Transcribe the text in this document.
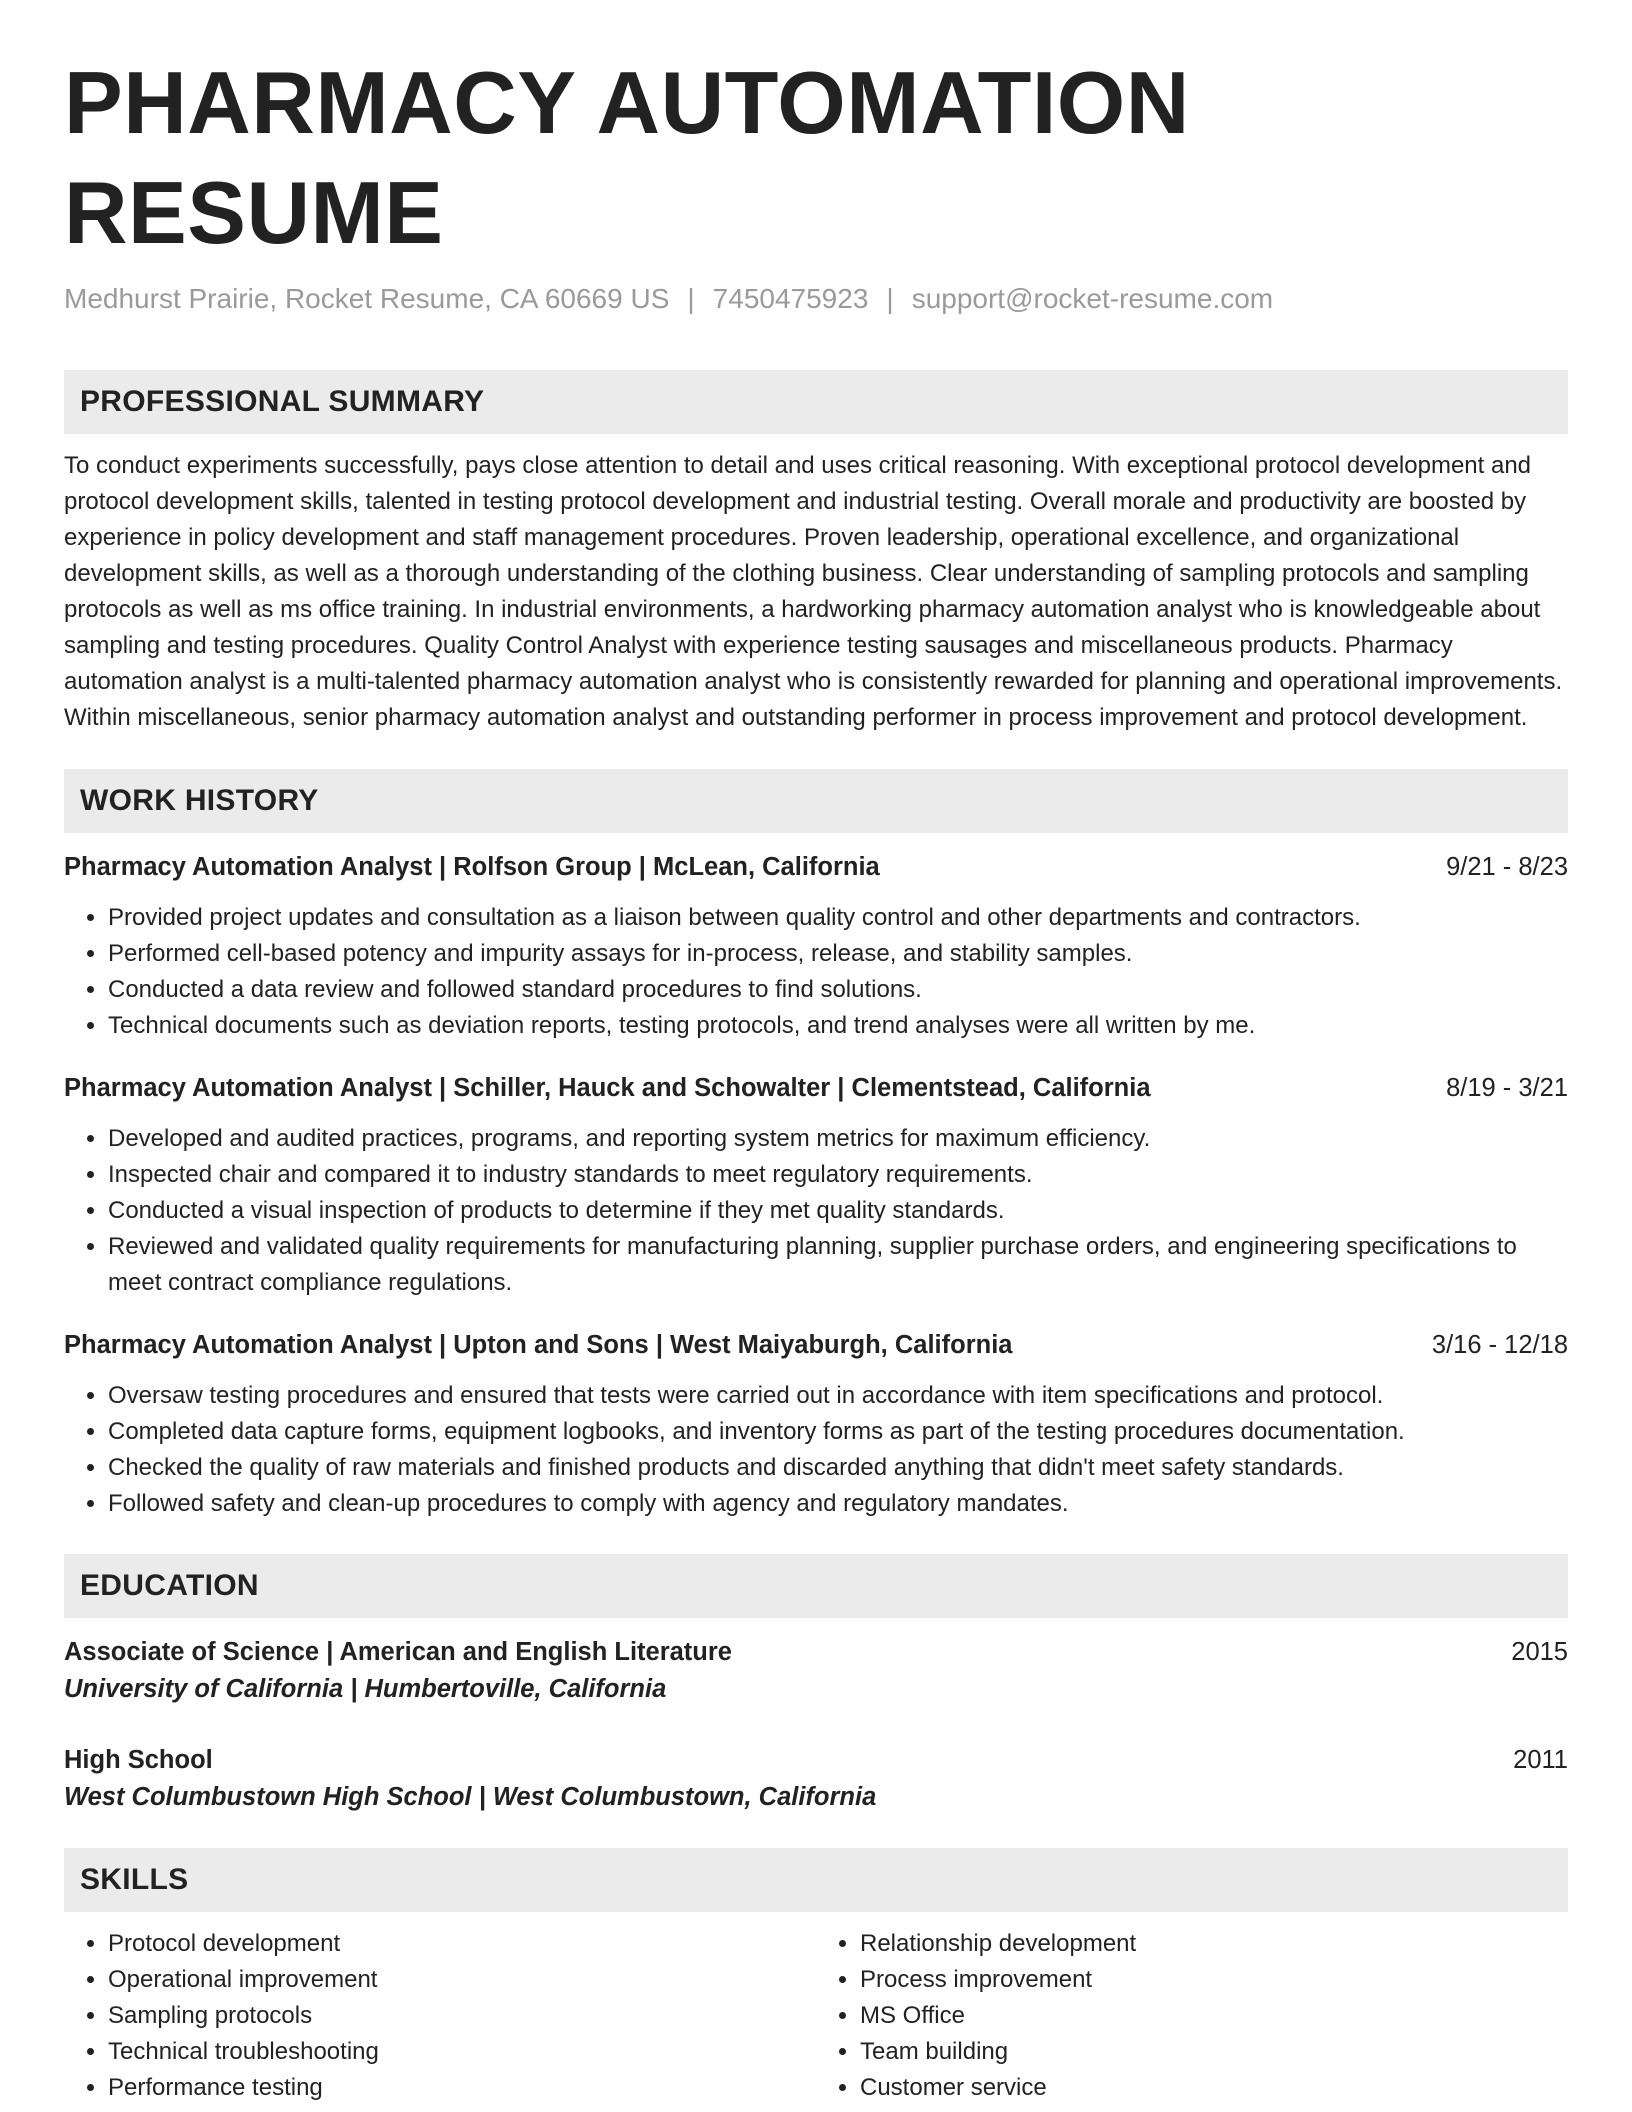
PHARMACY AUTOMATION RESUME
Medhurst Prairie, Rocket Resume, CA 60669 US | 7450475923 | support@rocket-resume.com
PROFESSIONAL SUMMARY

To conduct experiments successfully, pays close attention to detail and uses critical reasoning. With exceptional protocol development and protocol development skills, talented in testing protocol development and industrial testing. Overall morale and productivity are boosted by experience in policy development and staff management procedures. Proven leadership, operational excellence, and organizational development skills, as well as a thorough understanding of the clothing business. Clear understanding of sampling protocols and sampling protocols as well as ms office training. In industrial environments, a hardworking pharmacy automation analyst who is knowledgeable about sampling and testing procedures. Quality Control Analyst with experience testing sausages and miscellaneous products. Pharmacy automation analyst is a multi-talented pharmacy automation analyst who is consistently rewarded for planning and operational improvements. Within miscellaneous, senior pharmacy automation analyst and outstanding performer in process improvement and protocol development.

WORK HISTORY
Pharmacy Automation Analyst | Rolfson Group | McLean, California	9/21 - 8/23
• Provided project updates and consultation as a liaison between quality control and other departments and contractors.
• Performed cell-based potency and impurity assays for in-process, release, and stability samples.
• Conducted a data review and followed standard procedures to find solutions.
• Technical documents such as deviation reports, testing protocols, and trend analyses were all written by me.
Pharmacy Automation Analyst | Schiller, Hauck and Schowalter | Clementstead, California	8/19 - 3/21
• Developed and audited practices, programs, and reporting system metrics for maximum efficiency.
• Inspected chair and compared it to industry standards to meet regulatory requirements.
• Conducted a visual inspection of products to determine if they met quality standards.
• Reviewed and validated quality requirements for manufacturing planning, supplier purchase orders, and engineering specifications to meet contract compliance regulations.
Pharmacy Automation Analyst | Upton and Sons | West Maiyaburgh, California	3/16 - 12/18
• Oversaw testing procedures and ensured that tests were carried out in accordance with item specifications and protocol.
• Completed data capture forms, equipment logbooks, and inventory forms as part of the testing procedures documentation.
• Checked the quality of raw materials and finished products and discarded anything that didn't meet safety standards.
• Followed safety and clean-up procedures to comply with agency and regulatory mandates.
EDUCATION
Associate of Science | American and English Literature	2015
University of California | Humbertoville, California
High School	2011
West Columbustown High School | West Columbustown, California
SKILLS
• Protocol development
• Operational improvement
• Sampling protocols
• Technical troubleshooting
• Performance testing
• Relationship development
• Process improvement
• MS Office
• Team building
• Customer service
